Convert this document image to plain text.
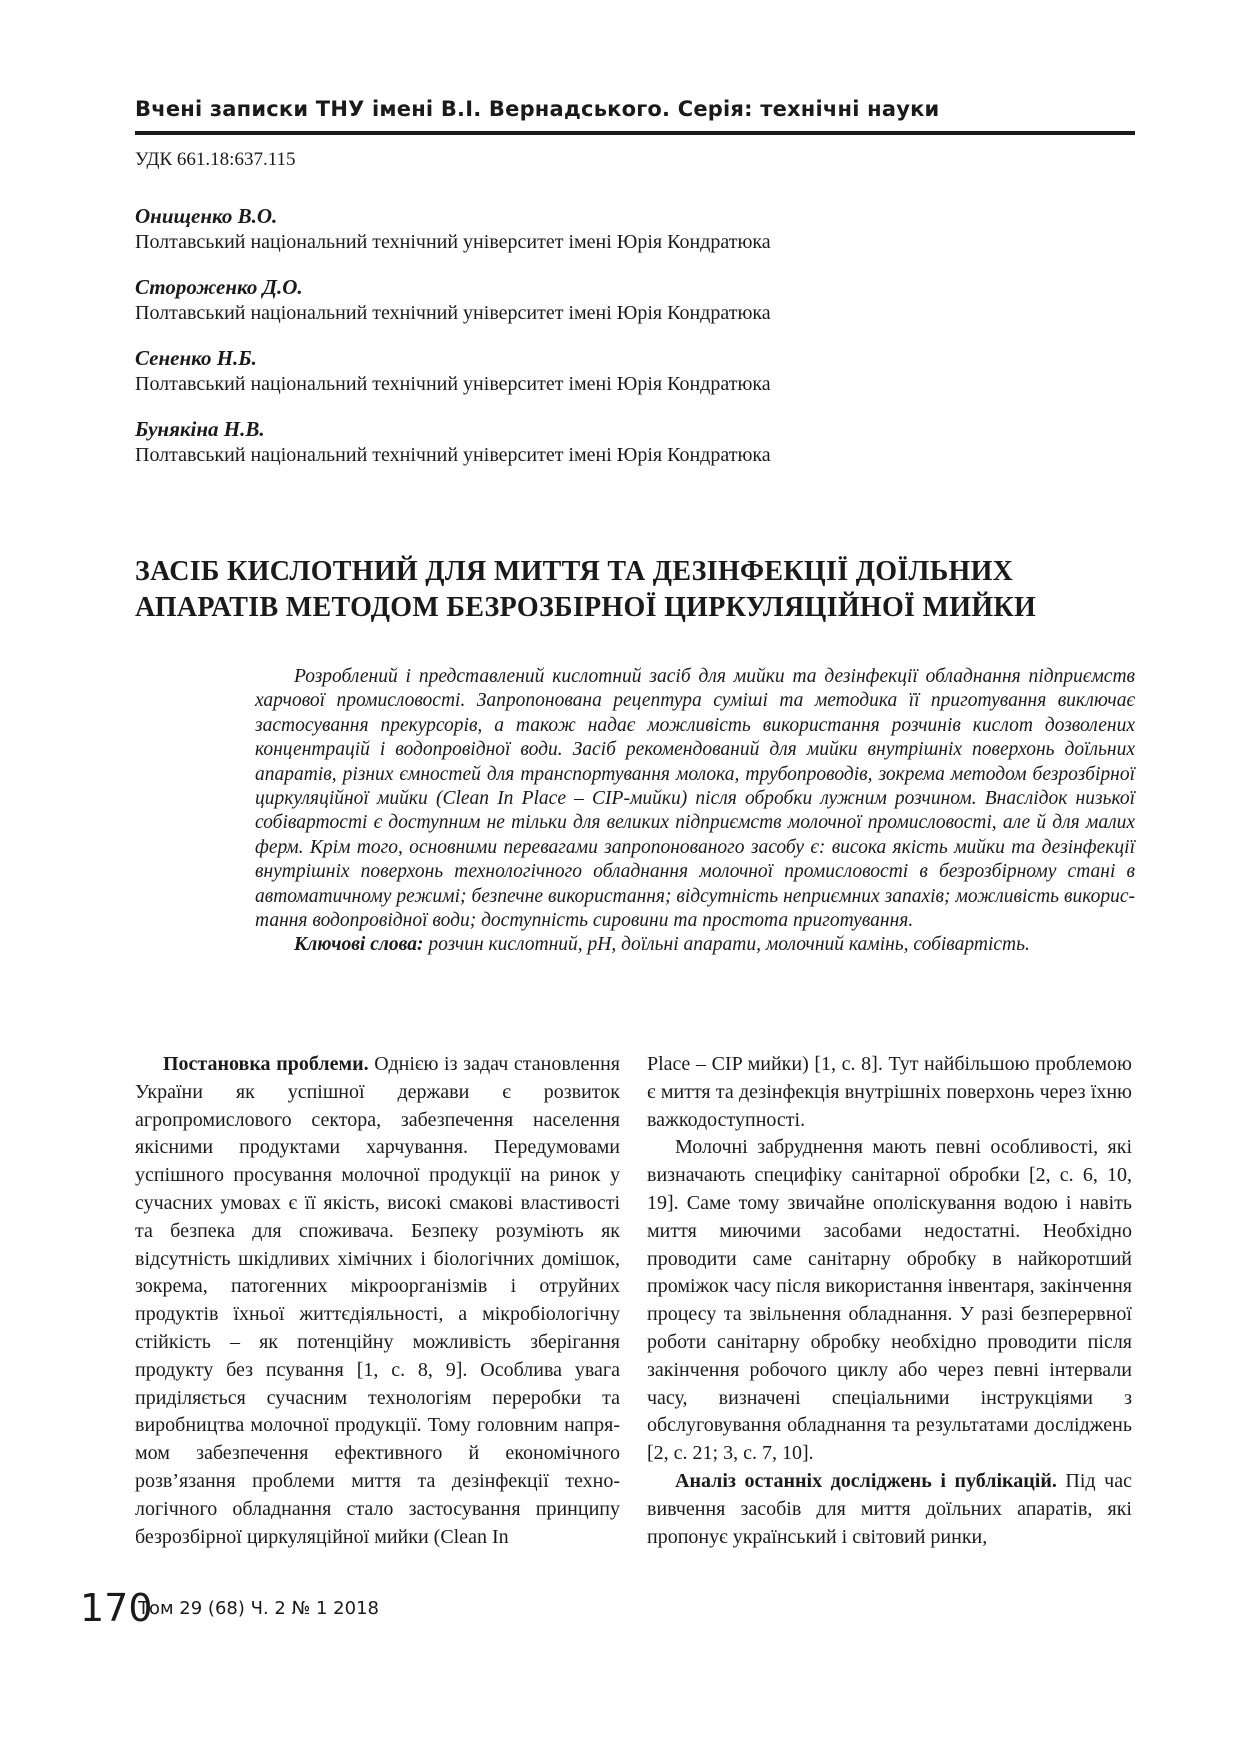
Вчені записки ТНУ імені В.І. Вернадського. Серія: технічні науки
УДК 661.18:637.115
Онищенко В.О.
Полтавський національний технічний університет імені Юрія Кондратюка
Стороженко Д.О.
Полтавський національний технічний університет імені Юрія Кондратюка
Сененко Н.Б.
Полтавський національний технічний університет імені Юрія Кондратюка
Бунякіна Н.В.
Полтавський національний технічний університет імені Юрія Кондратюка
ЗАСІБ КИСЛОТНИЙ ДЛЯ МИТТЯ ТА ДЕЗІНФЕКЦІЇ ДОЇЛЬНИХ
АПАРАТІВ МЕТОДОМ БЕЗРОЗБІРНОЇ ЦИРКУЛЯЦІЙНОЇ МИЙКИ

Розроблений і представлений кислотний засіб для мийки та дезінфекції обладнання підприємств харчової промисловості. Запропонована рецептура суміші та методика її приготування виключає застосування прекурсорів, а також надає можливість використання розчинів кислот дозволених концентрацій і водопровідної води. Засіб рекомендований для мийки внутрішніх поверхонь доїльних апаратів, різних ємностей для транспортування молока, трубопроводів, зокрема методом безрозбірної циркуляційної мийки (Clean In Place – CIP-мийки) після обробки лужним розчином. Внаслідок низької собівартості є доступним не тільки для великих підприємств молочної промисловості, але й для малих ферм. Крім того, основними перевагами запропонованого засобу є: висока якість мийки та дезінфекції внутрішніх поверхонь технологічного обладнання молочної промисловості в безрозбірному стані в автоматичному режимі; безпечне використання; відсутність неприємних запахів; можливість використання водопровідної води; доступність сировини та простота приготування.

Ключові слова: розчин кислотний, pH, доїльні апарати, молочний камінь, собівартість.

Постановка проблеми. Однією із задач становлення України як успішної держави є розвиток агропромислового сектора, забезпечення населення якісними продуктами харчування. Передумовами успішного просування молочної продукції на ринок у сучасних умовах є її якість, високі смакові властивості та безпека для споживача. Безпеку розуміють як відсутність шкідливих хімічних і біологічних домішок, зокрема, патогенних мікроорганізмів і отруйних продуктів їхньої життєдіяльності, а мікробіологічну стійкість – як потенційну можливість зберігання продукту без псування [1, с. 8, 9]. Особлива увага приділяється сучасним технологіям переробки та виробництва молочної продукції. Тому головним напрямом забезпечення ефективного й економічного розв’язання проблеми миття та дезінфекції технологічного обладнання стало застосування принципу безрозбірної циркуляційної мийки (Clean In

Place – CIP мийки) [1, с. 8]. Тут найбільшою проблемою є миття та дезінфекція внутрішніх поверхонь через їхню важкодоступності.

Молочні забруднення мають певні особливості, які визначають специфіку санітарної обробки [2, с. 6, 10, 19]. Саме тому звичайне ополіскування водою і навіть миття миючими засобами недостатні. Необхідно проводити саме санітарну обробку в найкоротший проміжок часу після використання інвентаря, закінчення процесу та звільнення обладнання. У разі безперервної роботи санітарну обробку необхідно проводити після закінчення робочого циклу або через певні інтервали часу, визначені спеціальними інструкціями з обслуговування обладнання та результатами досліджень [2, с. 21; 3, с. 7, 10].

Аналіз останніх досліджень і публікацій. Під час вивчення засобів для миття доїльних апаратів, які пропонує український і світовий ринки,

170
Том 29 (68) Ч. 2 № 1 2018
